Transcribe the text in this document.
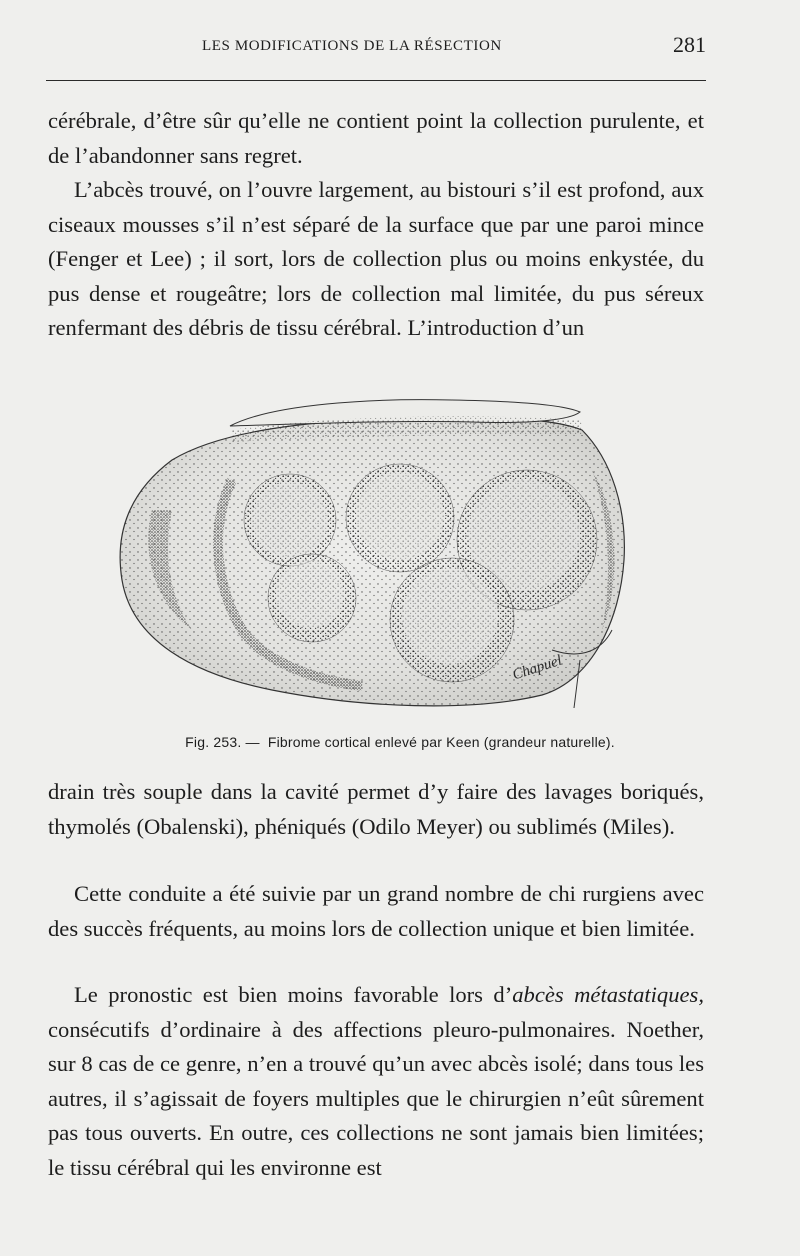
LES MODIFICATIONS DE LA RÉSECTION	281
cérébrale, d’être sûr qu’elle ne contient point la collection purulente, et de l’abandonner sans regret.
L’abcès trouvé, on l’ouvre largement, au bistouri s’il est profond, aux ciseaux mousses s’il n’est séparé de la surface que par une paroi mince (Fenger et Lee) ; il sort, lors de collection plus ou moins enkystée, du pus dense et rougeâtre; lors de collection mal limitée, du pus séreux renfermant des débris de tissu cérébral. L’introduction d’un
Chapuel
Fig. 253. — Fibrome cortical enlevé par Keen (grandeur naturelle).
drain très souple dans la cavité permet d’y faire des lavages boriqués, thymolés (Obalenski), phéniqués (Odilo Meyer) ou sublimés (Miles).
Cette conduite a été suivie par un grand nombre de chi rurgiens avec des succès fréquents, au moins lors de collection unique et bien limitée.
Le pronostic est bien moins favorable lors d’abcès métastatiques, consécutifs d’ordinaire à des affections pleuro-pulmonaires. Noether, sur 8 cas de ce genre, n’en a trouvé qu’un avec abcès isolé; dans tous les autres, il s’agissait de foyers multiples que le chirurgien n’eût sûrement pas tous ouverts. En outre, ces collections ne sont jamais bien limitées; le tissu cérébral qui les environne est
